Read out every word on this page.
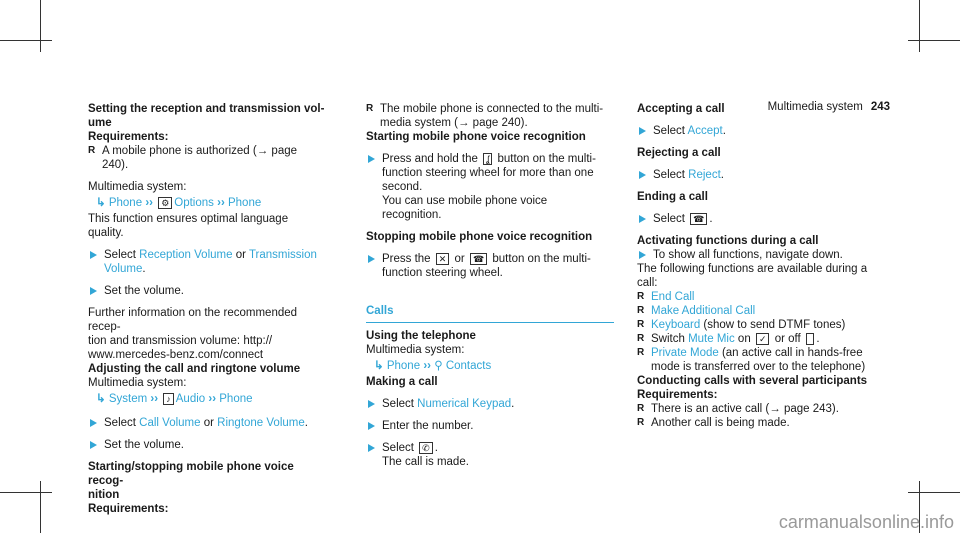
Multimedia system 243

Setting the reception and transmission vol-

ume

Requirements:

R A mobile phone is authorized (→ page 240).

Multimedia system:

↳ Phone ›› ⚙ Options ›› Phone

This function ensures optimal language quality.

Select Reception Volume or Transmission
Volume.
Set the volume.

Further information on the recommended recep-

tion and transmission volume: http://

www.mercedes-benz.com/connect

Adjusting the call and ringtone volume

Multimedia system:

↳ System ›› ♪ Audio ›› Phone

Select Call Volume or Ringtone Volume.
Set the volume.

Starting/stopping mobile phone voice recog-

nition

Requirements:

R The mobile phone is connected to the multi-
media system (→ page 240).

Starting mobile phone voice recognition

Press and hold the ʆ button on the multi-
function steering wheel for more than one
second.
You can use mobile phone voice recognition.

Stopping mobile phone voice recognition

Press the ✕ or ☎ button on the multi-
function steering wheel.

Calls

Using the telephone

Multimedia system:

↳ Phone ›› ⚲ Contacts

Making a call

Select Numerical Keypad.
Enter the number.
Select ✆ .
The call is made.

Accepting a call

Select Accept.

Rejecting a call

Select Reject.

Ending a call

Select ☎ .

Activating functions during a call

To show all functions, navigate down.

The following functions are available during a

call:

R End Call
R Make Additional Call
R Keyboard (show to send DTMF tones)
R Switch Mute Mic on ✓ or off .
R Private Mode (an active call in hands-free
mode is transferred over to the telephone)

Conducting calls with several participants

Requirements:

R There is an active call (→ page 243).
R Another call is being made.
carmanualsonline.info
